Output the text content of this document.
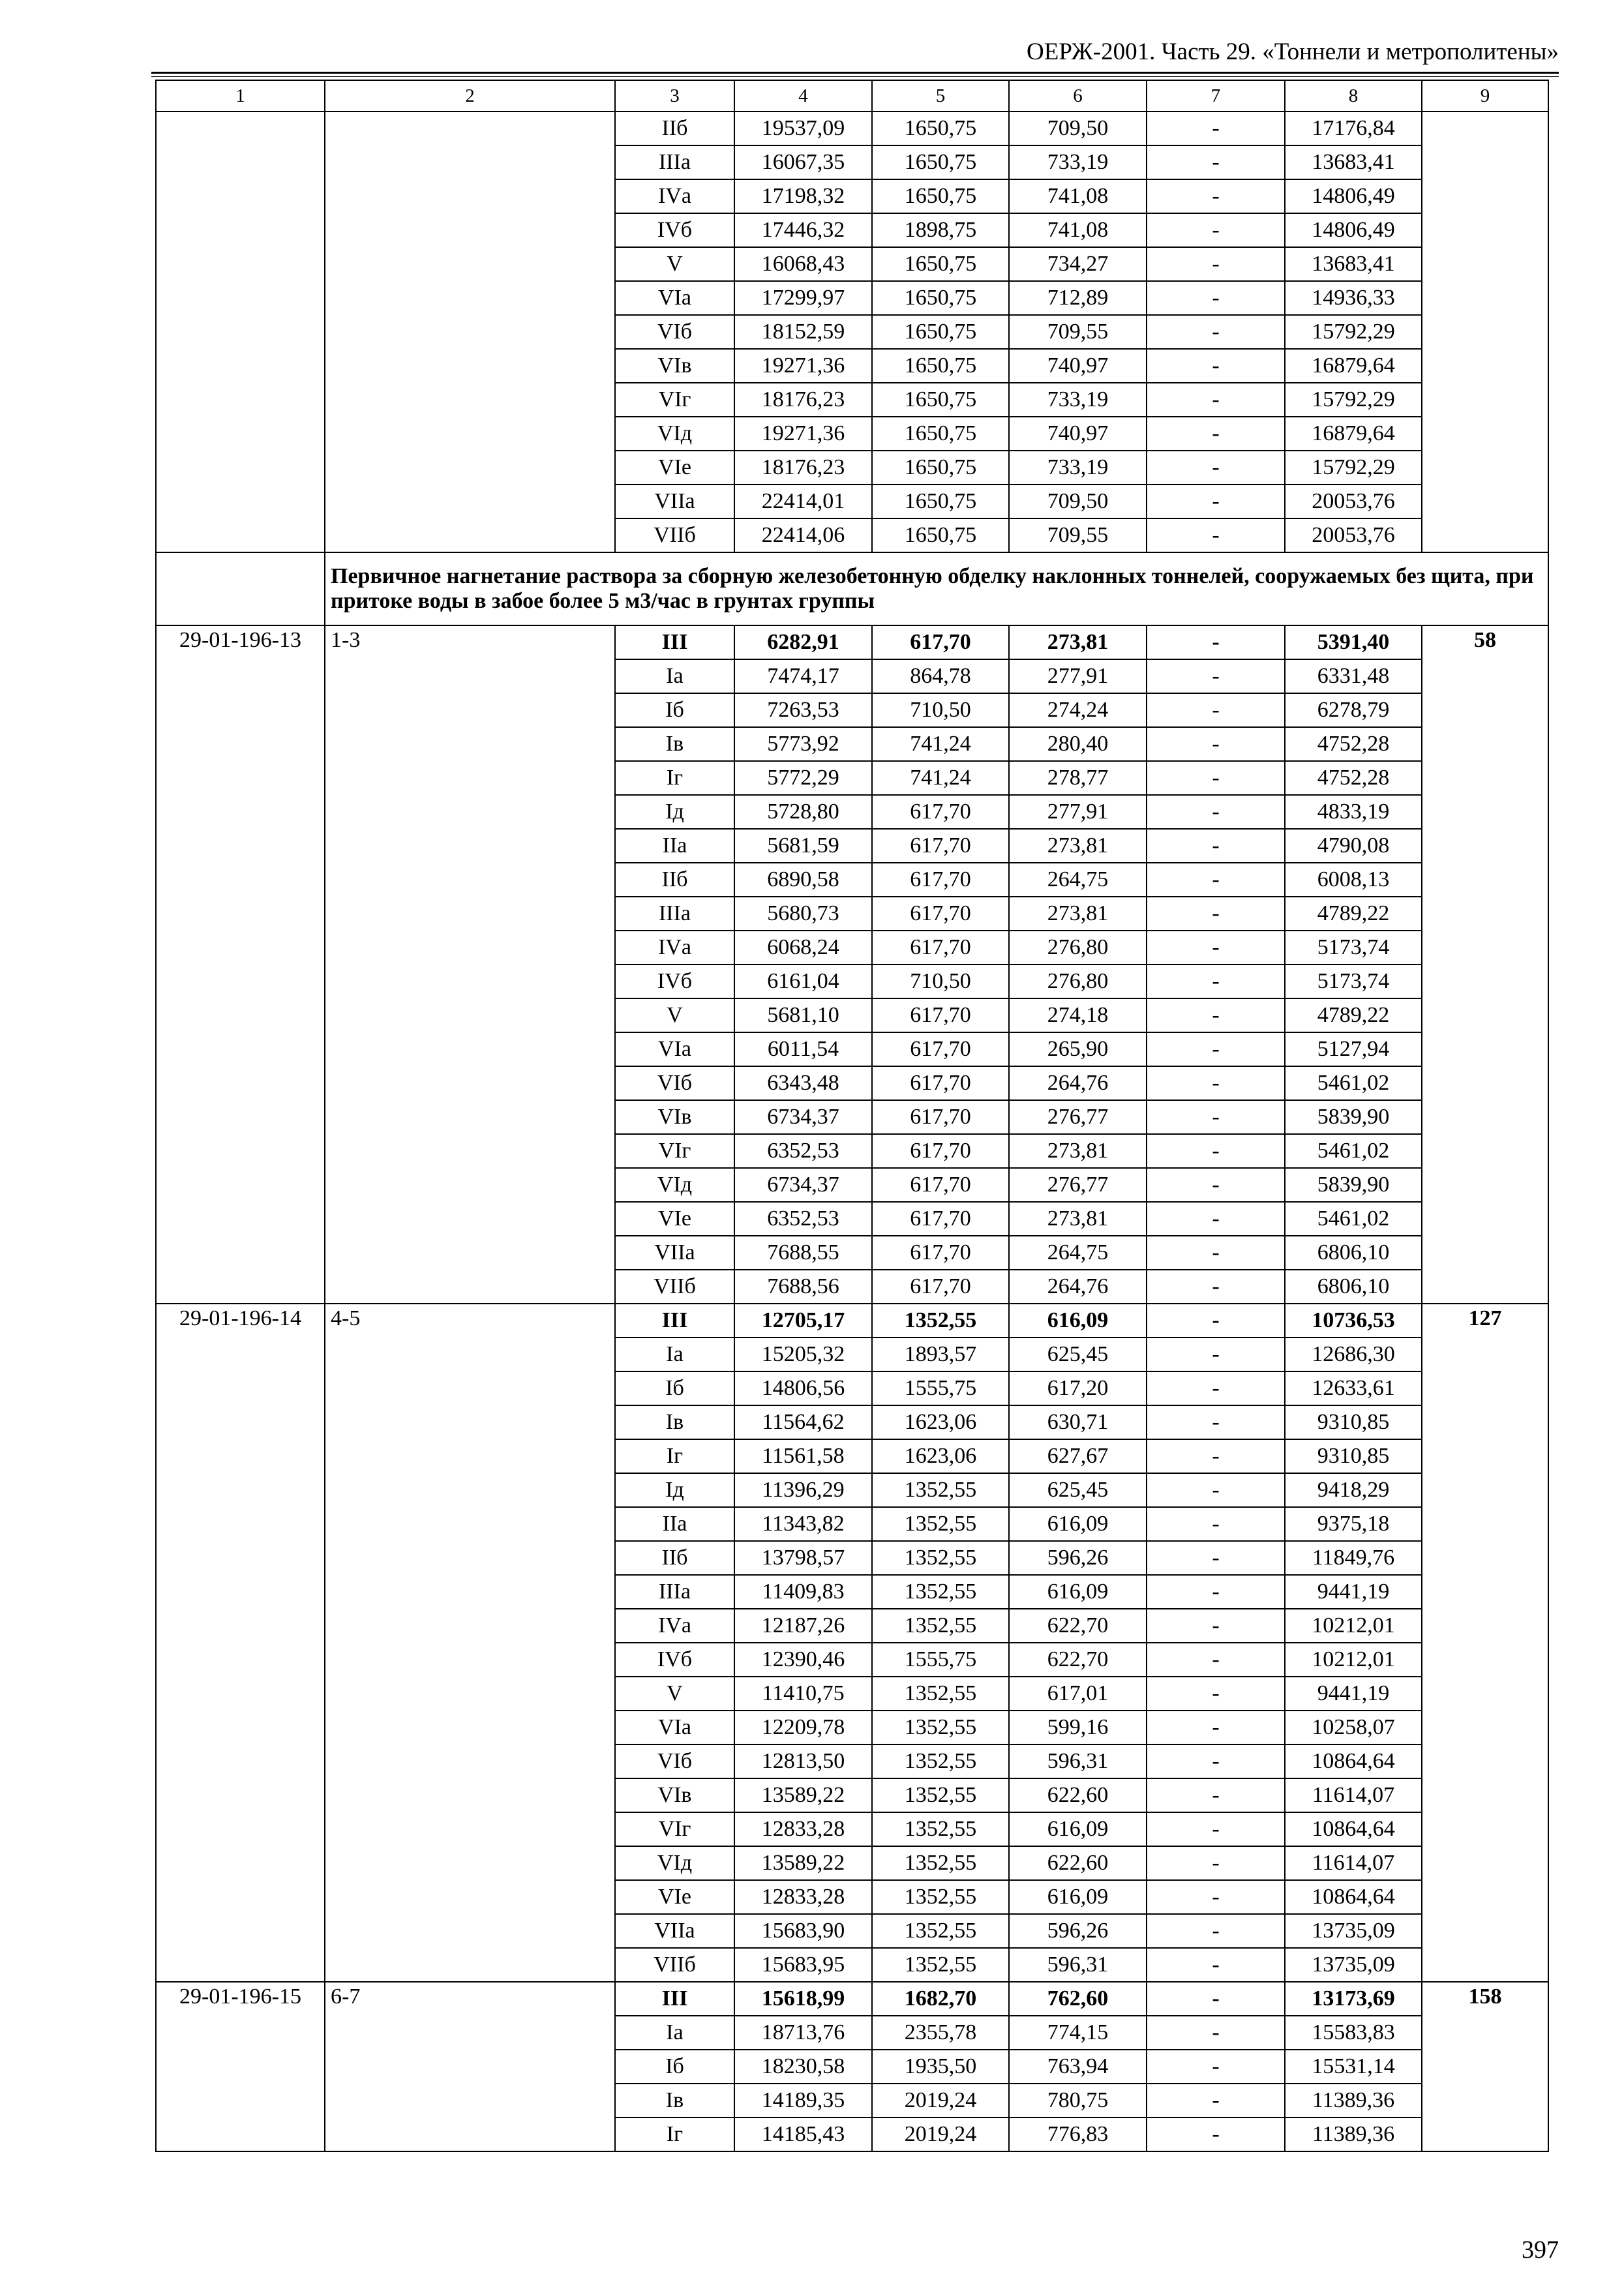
ОЕРЖ-2001. Часть 29. «Тоннели и метрополитены»
1	2	3	4	5	6	7	8	9
		IIб	19537,09	1650,75	709,50	-	17176,84	
		IIIа	16067,35	1650,75	733,19	-	13683,41	
		IVа	17198,32	1650,75	741,08	-	14806,49	
		IVб	17446,32	1898,75	741,08	-	14806,49	
		V	16068,43	1650,75	734,27	-	13683,41	
		VIа	17299,97	1650,75	712,89	-	14936,33	
		VIб	18152,59	1650,75	709,55	-	15792,29	
		VIв	19271,36	1650,75	740,97	-	16879,64	
		VIг	18176,23	1650,75	733,19	-	15792,29	
		VIд	19271,36	1650,75	740,97	-	16879,64	
		VIе	18176,23	1650,75	733,19	-	15792,29	
		VIIа	22414,01	1650,75	709,50	-	20053,76	
		VIIб	22414,06	1650,75	709,55	-	20053,76	
	Первичное нагнетание раствора за сборную железобетонную обделку наклонных тоннелей, сооружаемых без щита, при притоке воды в забое более 5 м3/час в грунтах группы							
29-01-196-13	1-3	III	6282,91	617,70	273,81	-	5391,40	58
		Iа	7474,17	864,78	277,91	-	6331,48	
		Iб	7263,53	710,50	274,24	-	6278,79	
		Iв	5773,92	741,24	280,40	-	4752,28	
		Iг	5772,29	741,24	278,77	-	4752,28	
		Iд	5728,80	617,70	277,91	-	4833,19	
		IIа	5681,59	617,70	273,81	-	4790,08	
		IIб	6890,58	617,70	264,75	-	6008,13	
		IIIа	5680,73	617,70	273,81	-	4789,22	
		IVа	6068,24	617,70	276,80	-	5173,74	
		IVб	6161,04	710,50	276,80	-	5173,74	
		V	5681,10	617,70	274,18	-	4789,22	
		VIа	6011,54	617,70	265,90	-	5127,94	
		VIб	6343,48	617,70	264,76	-	5461,02	
		VIв	6734,37	617,70	276,77	-	5839,90	
		VIг	6352,53	617,70	273,81	-	5461,02	
		VIд	6734,37	617,70	276,77	-	5839,90	
		VIе	6352,53	617,70	273,81	-	5461,02	
		VIIа	7688,55	617,70	264,75	-	6806,10	
		VIIб	7688,56	617,70	264,76	-	6806,10	
29-01-196-14	4-5	III	12705,17	1352,55	616,09	-	10736,53	127
		Iа	15205,32	1893,57	625,45	-	12686,30	
		Iб	14806,56	1555,75	617,20	-	12633,61	
		Iв	11564,62	1623,06	630,71	-	9310,85	
		Iг	11561,58	1623,06	627,67	-	9310,85	
		Iд	11396,29	1352,55	625,45	-	9418,29	
		IIа	11343,82	1352,55	616,09	-	9375,18	
		IIб	13798,57	1352,55	596,26	-	11849,76	
		IIIа	11409,83	1352,55	616,09	-	9441,19	
		IVа	12187,26	1352,55	622,70	-	10212,01	
		IVб	12390,46	1555,75	622,70	-	10212,01	
		V	11410,75	1352,55	617,01	-	9441,19	
		VIа	12209,78	1352,55	599,16	-	10258,07	
		VIб	12813,50	1352,55	596,31	-	10864,64	
		VIв	13589,22	1352,55	622,60	-	11614,07	
		VIг	12833,28	1352,55	616,09	-	10864,64	
		VIд	13589,22	1352,55	622,60	-	11614,07	
		VIе	12833,28	1352,55	616,09	-	10864,64	
		VIIа	15683,90	1352,55	596,26	-	13735,09	
		VIIб	15683,95	1352,55	596,31	-	13735,09	
29-01-196-15	6-7	III	15618,99	1682,70	762,60	-	13173,69	158
		Iа	18713,76	2355,78	774,15	-	15583,83	
		Iб	18230,58	1935,50	763,94	-	15531,14	
		Iв	14189,35	2019,24	780,75	-	11389,36	
		Iг	14185,43	2019,24	776,83	-	11389,36	
397
